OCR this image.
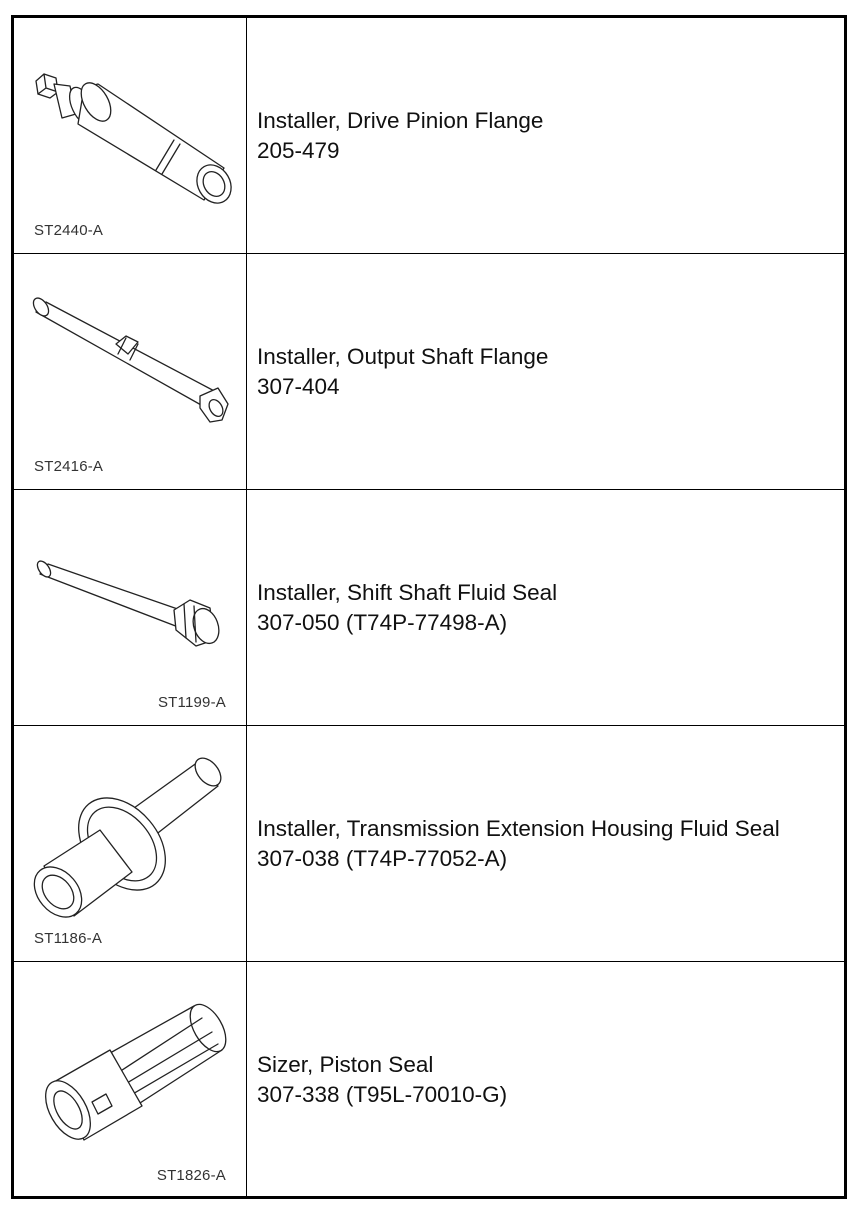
ST2440-A
Installer, Drive Pinion Flange
205-479
ST2416-A
Installer, Output Shaft Flange
307-404
ST1199-A
Installer, Shift Shaft Fluid Seal
307-050 (T74P-77498-A)
ST1186-A
Installer, Transmission Extension Housing Fluid Seal
307-038 (T74P-77052-A)
ST1826-A
Sizer, Piston Seal
307-338 (T95L-70010-G)
